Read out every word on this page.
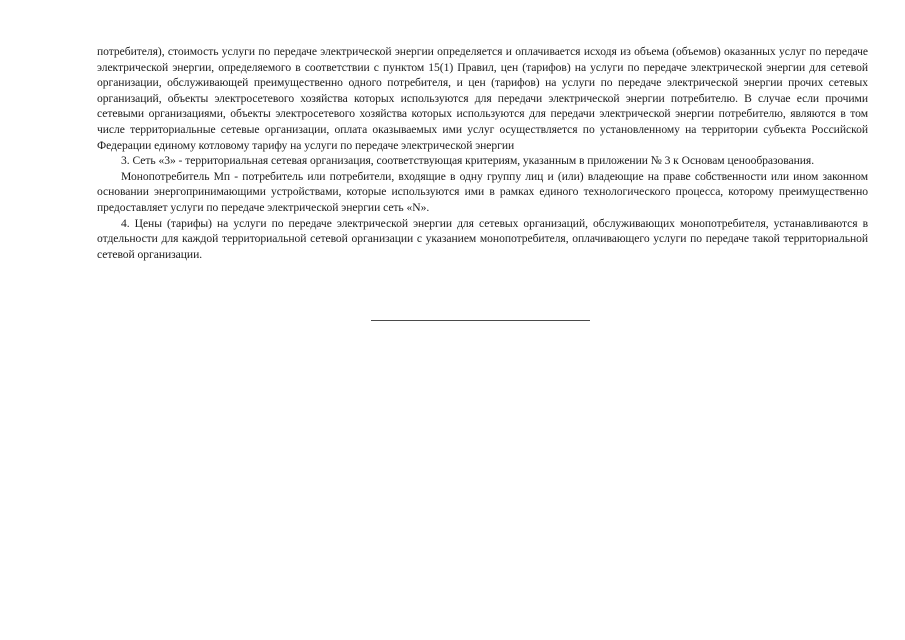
потребителя), стоимость услуги по передаче электрической энергии определяется и оплачивается исходя из объема (объемов) оказанных услуг по передаче электрической энергии, определяемого в соответствии с пунктом 15(1) Правил, цен (тарифов) на услуги по передаче электрической энергии для сетевой организации, обслуживающей преимущественно одного потребителя, и цен (тарифов) на услуги по передаче электрической энергии прочих сетевых организаций, объекты электросетевого хозяйства которых используются для передачи электрической энергии потребителю. В случае если прочими сетевыми организациями, объекты электросетевого хозяйства которых используются для передачи электрической энергии потребителю, являются в том числе территориальные сетевые организации, оплата оказываемых ими услуг осуществляется по установленному на территории субъекта Российской Федерации единому котловому тарифу на услуги по передаче электрической энергии

3. Сеть «3» - территориальная сетевая организация, соответствующая критериям, указанным в приложении № 3 к Основам ценообразования.

Монопотребитель Мп - потребитель или потребители, входящие в одну группу лиц и (или) владеющие на праве собственности или ином законном основании энергопринимающими устройствами, которые используются ими в рамках единого технологического процесса, которому преимущественно предоставляет услуги по передаче электрической энергии сеть «N».

4. Цены (тарифы) на услуги по передаче электрической энергии для сетевых организаций, обслуживающих монопотребителя, устанавливаются в отдельности для каждой территориальной сетевой организации с указанием монопотребителя, оплачивающего услуги по передаче такой территориальной сетевой организации.
